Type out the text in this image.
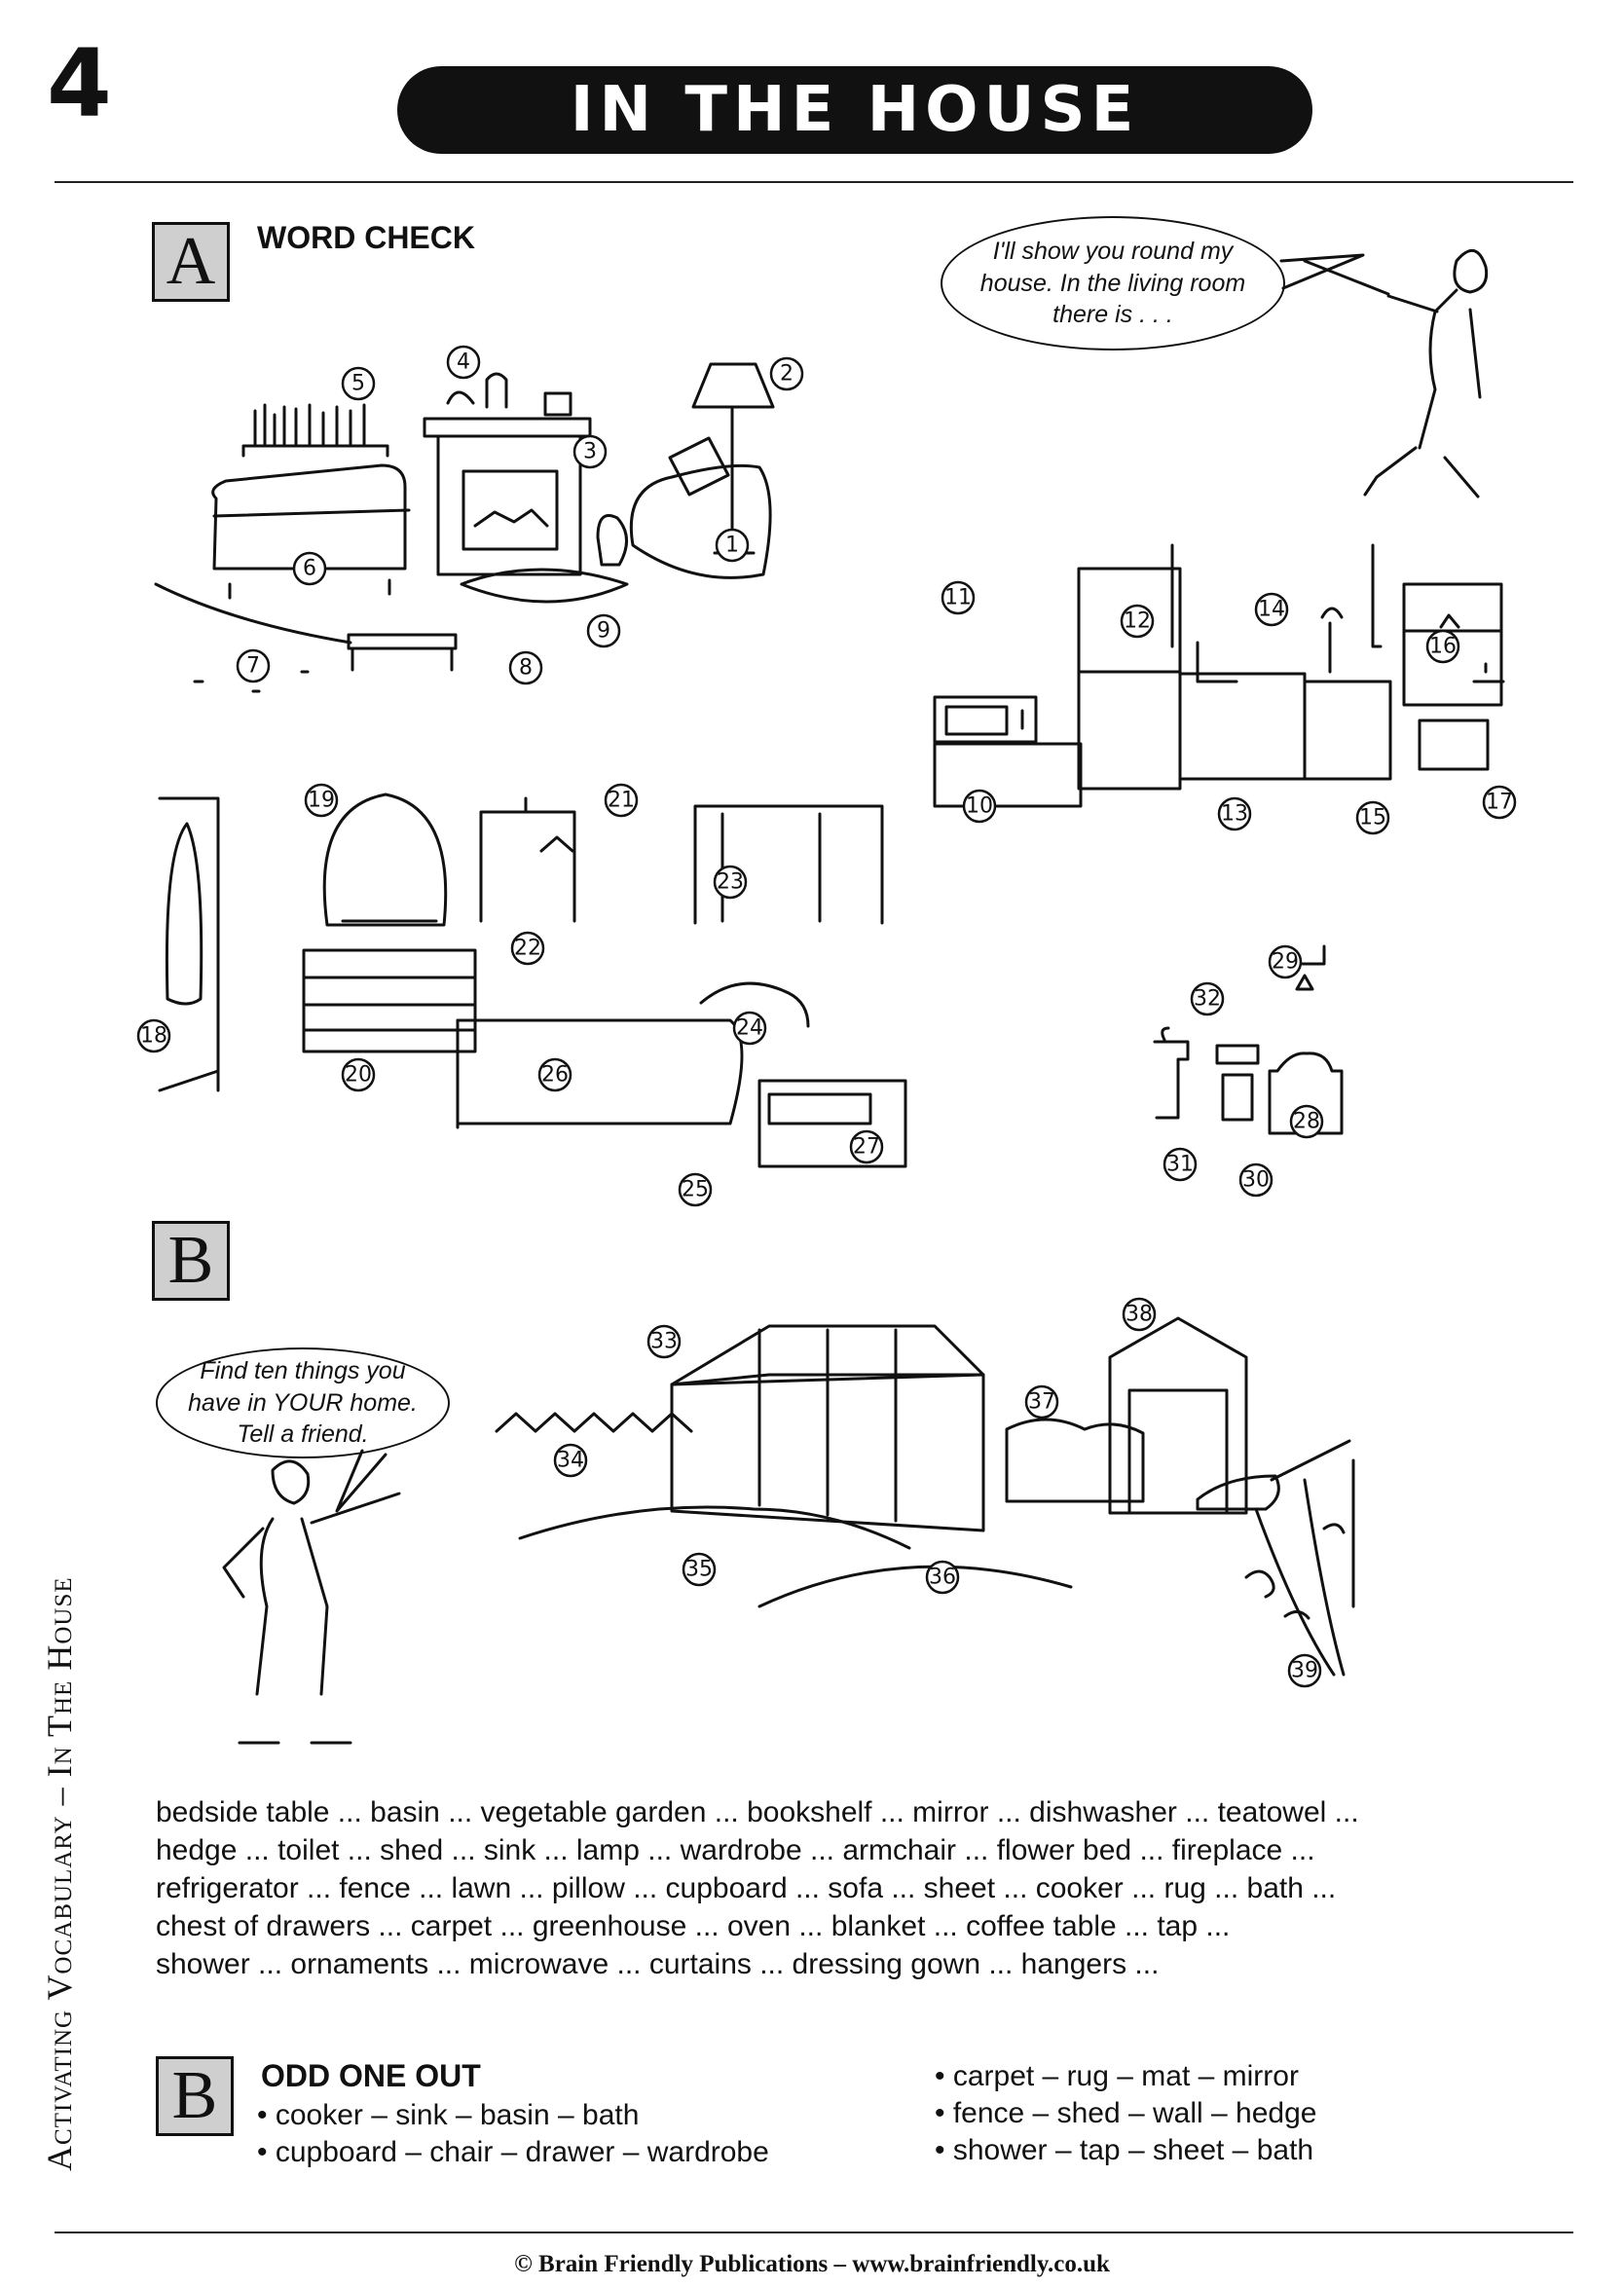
4	IN THE HOUSE
A WORD CHECK	I'll show you round my house. In the living room there is . . .
B
Find ten things you have in YOUR home. Tell a friend.
bedside table ... basin ... vegetable garden ... bookshelf ... mirror ... dishwasher ... teatowel ...
hedge ... toilet ... shed ... sink ... lamp ... wardrobe ... armchair ... flower bed ... fireplace ...
refrigerator ... fence ... lawn ... pillow ... cupboard ... sofa ... sheet ... cooker ... rug ... bath ...
chest of drawers ... carpet ... greenhouse ... oven ... blanket ... coffee table ... tap ...
shower ... ornaments ... microwave ... curtains ... dressing gown ... hangers ...
B ODD ONE OUT
• cooker – sink – basin – bath
• cupboard – chair – drawer – wardrobe
• carpet – rug – mat – mirror
• fence – shed – wall – hedge
• shower – tap – sheet – bath
Activating Vocabulary – In The House
© Brain Friendly Publications – www.brainfriendly.co.uk
1
2
3
4
5
6
7	8
9
10
11
12
13
14
15
16
17
18
19
20
21
22
23
24
25
26
27
28
29
30
31
32
33
34
35	36
37
38
39
